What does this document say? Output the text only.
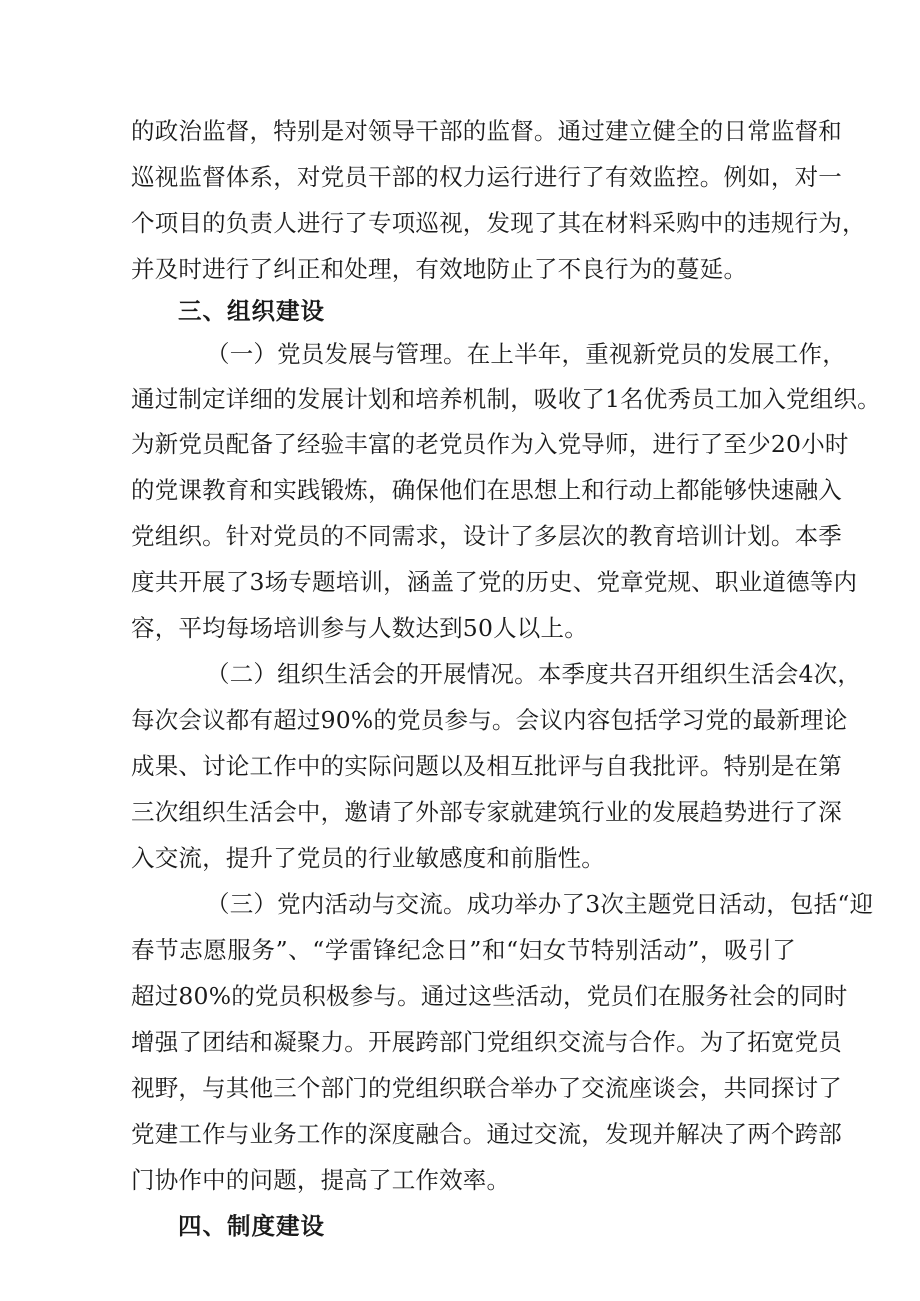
的政治监督，特别是对领导干部的监督。通过建立健全的日常监督和
巡视监督体系，对党员干部的权力运行进行了有效监控。例如，对一
个项目的负责人进行了专项巡视，发现了其在材料采购中的违规行为，
并及时进行了纠正和处理，有效地防止了不良行为的蔓延。
三、组织建设
（一）党员发展与管理。在上半年，重视新党员的发展工作，
通过制定详细的发展计划和培养机制，吸收了1名优秀员工加入党组织。
为新党员配备了经验丰富的老党员作为入党导师，进行了至少20小时
的党课教育和实践锻炼，确保他们在思想上和行动上都能够快速融入
党组织。针对党员的不同需求，设计了多层次的教育培训计划。本季
度共开展了3场专题培训，涵盖了党的历史、党章党规、职业道德等内
容，平均每场培训参与人数达到50人以上。
（二）组织生活会的开展情况。本季度共召开组织生活会4次，
每次会议都有超过90%的党员参与。会议内容包括学习党的最新理论
成果、讨论工作中的实际问题以及相互批评与自我批评。特别是在第
三次组织生活会中，邀请了外部专家就建筑行业的发展趋势进行了深
入交流，提升了党员的行业敏感度和前脂性。
（三）党内活动与交流。成功举办了3次主题党日活动，包括“迎
春节志愿服务”、“学雷锋纪念日”和“妇女节特别活动”，吸引了
超过80%的党员积极参与。通过这些活动，党员们在服务社会的同时
增强了团结和凝聚力。开展跨部门党组织交流与合作。为了拓宽党员
视野，与其他三个部门的党组织联合举办了交流座谈会，共同探讨了
党建工作与业务工作的深度融合。通过交流，发现并解决了两个跨部
门协作中的问题，提高了工作效率。
四、制度建设
